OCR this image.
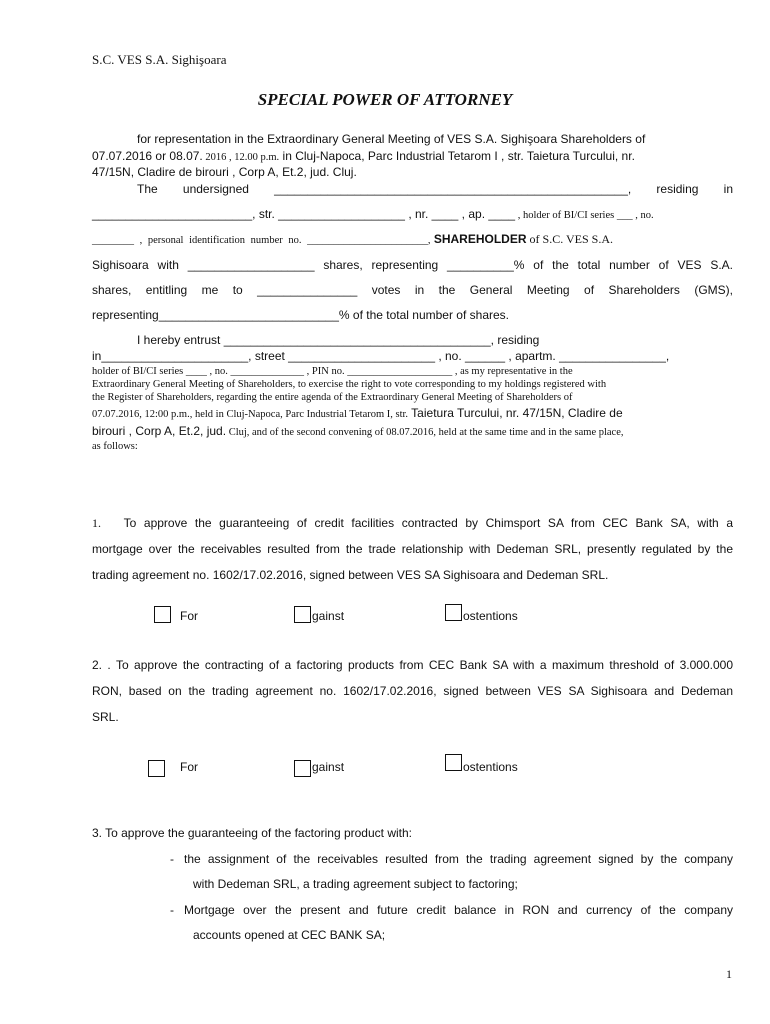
S.C. VES S.A. Sighişoara
SPECIAL POWER OF ATTORNEY
for representation in the Extraordinary General Meeting of VES S.A. Sighişoara Shareholders of
07.07.2016 or 08.07. 2016 , 12.00 p.m. in Cluj-Napoca, Parc Industrial Tetarom I , str. Taietura Turcului, nr.
47/15N, Cladire de birouri , Corp A, Et.2, jud. Cluj.
The undersigned _____________________________________________________, residing in
________________________, str. ___________________ , nr. ____ , ap. ____ , holder of BI/CI series ___ , no.
________ , personal identification number no. _______________________, SHAREHOLDER of S.C. VES S.A.
Sighisoara with ___________________ shares, representing __________% of the total number of VES S.A.
shares, entitling me to _______________ votes in the General Meeting of Shareholders (GMS),
representing___________________________% of the total number of shares.
I hereby entrust ________________________________________, residing
in______________________, street ______________________ , no. ______ , apartm. ________________,
holder of BI/CI series ____ , no. ______________ , PIN no. ____________________ , as my representative in the
Extraordinary General Meeting of Shareholders, to exercise the right to vote corresponding to my holdings registered with
the Register of Shareholders, regarding the entire agenda of the Extraordinary General Meeting of Shareholders of
07.07.2016, 12:00 p.m., held in Cluj-Napoca, Parc Industrial Tetarom I, str. Taietura Turcului, nr. 47/15N, Cladire de
birouri , Corp A, Et.2, jud. Cluj, and of the second convening of 08.07.2016, held at the same time and in the same place,
as follows:
1. To approve the guaranteeing of credit facilities contracted by Chimsport SA from CEC Bank SA, with a
mortgage over the receivables resulted from the trade relationship with Dedeman SRL, presently regulated by the
trading agreement no. 1602/17.02.2016, signed between VES SA Sighisoara and Dedeman SRL.
For	gainst	ostentions
2. . To approve the contracting of a factoring products from CEC Bank SA with a maximum threshold of 3.000.000
RON, based on the trading agreement no. 1602/17.02.2016, signed between VES SA Sighisoara and Dedeman
SRL.
For	gainst	ostentions
3. To approve the guaranteeing of the factoring product with:
- the assignment of the receivables resulted from the trading agreement signed by the company
with Dedeman SRL, a trading agreement subject to factoring;
- Mortgage over the present and future credit balance in RON and currency of the company
accounts opened at CEC BANK SA;
1
